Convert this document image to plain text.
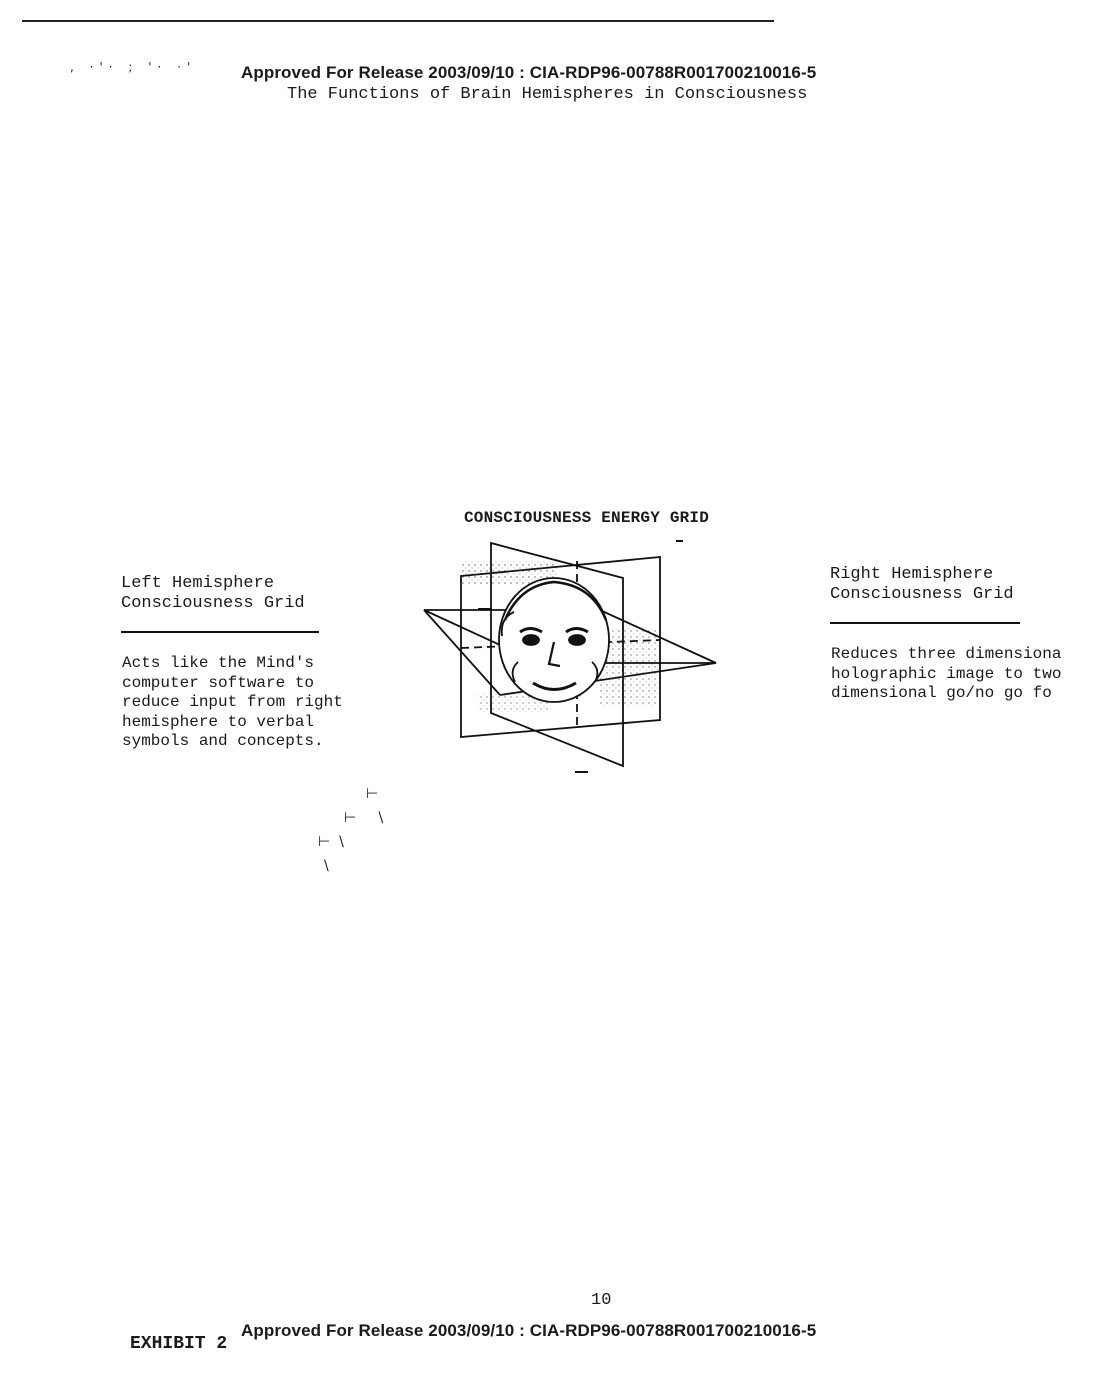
, ·'· ; '· ·'	Approved For Release 2003/09/10 : CIA-RDP96-00788R001700210016-5
The Functions of Brain Hemispheres in Consciousness
CONSCIOUSNESS ENERGY GRID
Left Hemisphere
Consciousness Grid
Acts like the Mind's
computer software to
reduce input from right
hemisphere to verbal
symbols and concepts.
Right Hemisphere
Consciousness Grid
Reduces three dimensiona
holographic image to two
dimensional go/no go fo
⊢
⊢     \
⊢  \
\
10
EXHIBIT 2
Approved For Release 2003/09/10 : CIA-RDP96-00788R001700210016-5
